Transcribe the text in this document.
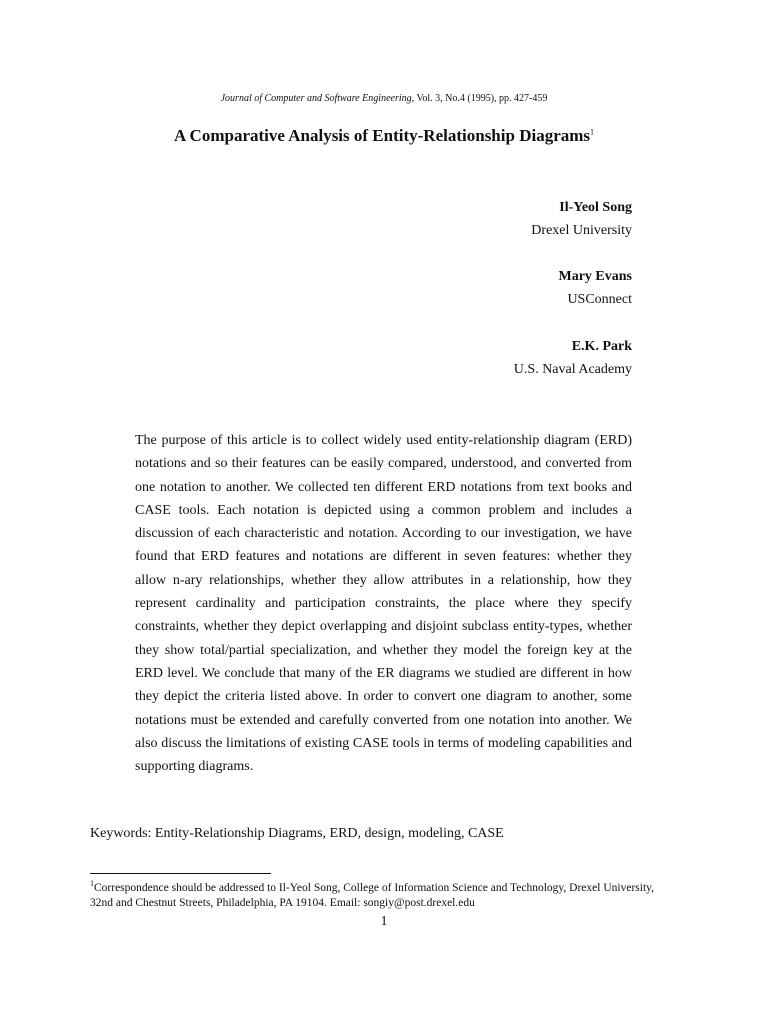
Journal of Computer and Software Engineering, Vol. 3, No.4 (1995), pp. 427-459
A Comparative Analysis of Entity-Relationship Diagrams$^1$
Il-Yeol Song
Drexel University
Mary Evans
USConnect
E.K. Park
U.S. Naval Academy

The purpose of this article is to collect widely used entity-relationship diagram (ERD) notations and so their features can be easily compared, understood, and converted from one notation to another. We collected ten different ERD notations from text books and CASE tools. Each notation is depicted using a common problem and includes a discussion of each characteristic and notation. According to our investigation, we have found that ERD features and notations are different in seven features: whether they allow n-ary relationships, whether they allow attributes in a relationship, how they represent cardinality and participation constraints, the place where they specify constraints, whether they depict overlapping and disjoint subclass entity-types, whether they show total/partial specialization, and whether they model the foreign key at the ERD level. We conclude that many of the ER diagrams we studied are different in how they depict the criteria listed above. In order to convert one diagram to another, some notations must be extended and carefully converted from one notation into another. We also discuss the limitations of existing CASE tools in terms of modeling capabilities and supporting diagrams.

Keywords: Entity-Relationship Diagrams, ERD, design, modeling, CASE
$^1$Correspondence should be addressed to Il-Yeol Song, College of Information Science and Technology, Drexel University, 32nd and Chestnut Streets, Philadelphia, PA 19104. Email: songiy@post.drexel.edu
1
